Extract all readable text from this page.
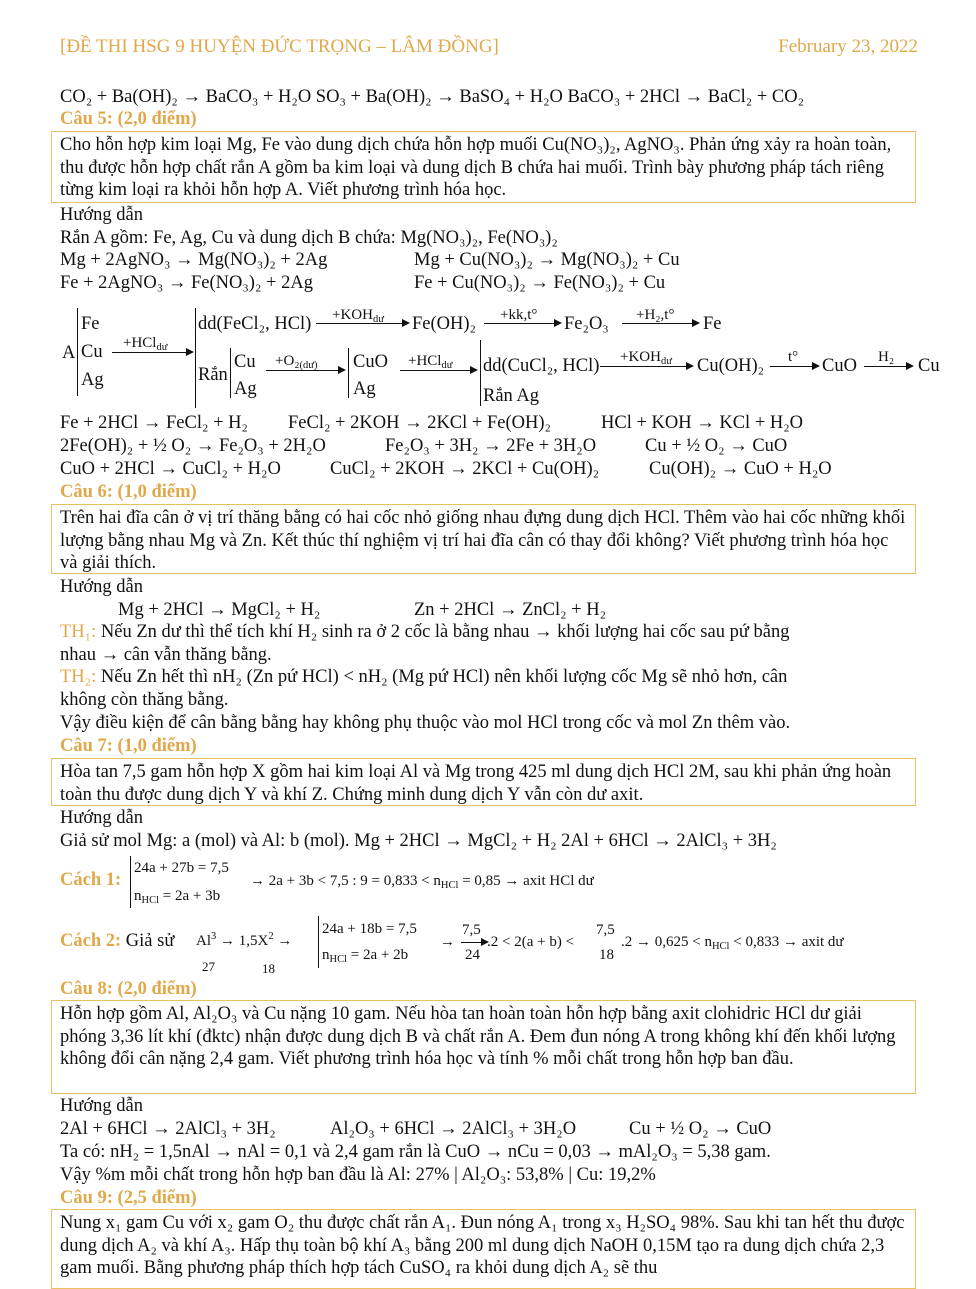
[ĐỀ THI HSG 9 HUYỆN ĐỨC TRỌNG – LÂM ĐỒNG]	February 23, 2022
CO₂ + Ba(OH)₂ → BaCO₃ + H₂O SO₃ + Ba(OH)₂ → BaSO₄ + H₂O BaCO₃ + 2HCl → BaCl₂ + CO₂
Câu 5: (2,0 điểm)
Cho hỗn hợp kim loại Mg, Fe vào dung dịch chứa hỗn hợp muối Cu(NO₃)₂, AgNO₃. Phản ứng xảy ra hoàn toàn, thu được hỗn hợp chất rắn A gồm ba kim loại và dung dịch B chứa hai muối. Trình bày phương pháp tách riêng từng kim loại ra khỏi hỗn hợp A. Viết phương trình hóa học.
Hướng dẫn
Rắn A gồm: Fe, Ag, Cu và dung dịch B chứa: Mg(NO₃)₂, Fe(NO₃)₂
Mg + 2AgNO₃ → Mg(NO₃)₂ + 2Ag	Mg + Cu(NO₃)₂ → Mg(NO₃)₂ + Cu
Fe + 2AgNO₃ → Fe(NO₃)₂ + 2Ag	Fe + Cu(NO₃)₂ → Fe(NO₃)₂ + Cu
A
Fe
Cu
Ag
+HCl$_{dư}$
dd(FeCl₂, $HCl) +KOH_{dư}$ Fe(OH)₂ +kk,t° Fe₂O₃ +H₂,t° Fe
Rắn
Cu
Ag
$+O_2_{(dư)}$ CuO
Ag
+HCl$_{dư}$ dd(CuCl₂, $HCl) +KOH_{dư}$ Cu(OH)₂ t° CuO H₂ Cu
Rắn Ag
Fe + 2HCl → FeCl₂ + H₂ FeCl₂ + 2KOH → 2KCl + Fe(OH)₂	HCl + KOH → KCl + H₂O
2Fe(OH)₂ + ½ O₂ → Fe₂O₃ + 2H₂O	Fe₂O₃ + 3H₂ → 2Fe + 3H₂O	Cu + ½ O₂ → CuO
CuO + 2HCl → CuCl₂ + H₂O	CuCl₂ + 2KOH → 2KCl + Cu(OH)₂	Cu(OH)₂ → CuO + H₂O
Câu 6: (1,0 điểm)
Trên hai đĩa cân ở vị trí thăng bằng có hai cốc nhỏ giống nhau đựng dung dịch HCl. Thêm vào hai cốc những khối lượng bằng nhau Mg và Zn. Kết thúc thí nghiệm vị trí hai đĩa cân có thay đổi không? Viết phương trình hóa học và giải thích.
Hướng dẫn
Mg + 2HCl → MgCl₂ + H₂	Zn + 2HCl → ZnCl₂ + H₂
TH₁: Nếu Zn dư thì thể tích khí H₂ sinh ra ở 2 cốc là bằng nhau → khối lượng hai cốc sau pứ bằng
nhau → cân vẫn thăng bằng.
TH₂: Nếu Zn hết thì nH₂ (Zn pứ HCl) < nH₂ (Mg pứ HCl) nên khối lượng cốc Mg sẽ nhỏ hơn, cân
không còn thăng bằng.
Vậy điều kiện để cân bằng bằng hay không phụ thuộc vào mol HCl trong cốc và mol Zn thêm vào.
Câu 7: (1,0 điểm)
Hòa tan 7,5 gam hỗn hợp X gồm hai kim loại Al và Mg trong 425 ml dung dịch HCl 2M, sau khi phản ứng hoàn toàn thu được dung dịch Y và khí Z. Chứng minh dung dịch Y vẫn còn dư axit.
Hướng dẫn
Giả sử mol Mg: a (mol) và Al: b (mol). Mg + 2HCl → MgCl₂ + H₂ 2Al + 6HCl → 2AlCl₃ + 3H₂
Cách 1:
24a + 27b = 7,5
$n_{HCl} = 2a + 3b$
→ 2a + 3b < 7,5 : $9 = 0,833 < n_{HCl} = 0,85$ → axit HCl dư
Cách 2: Giả sử $Al^3 \to 1,5X^2$ →
27	18
24a + 18b = 7,5
$n_{HCl} = 2a + 2b$
→
7,5
24
.2 < 2(a + b) <
7,5
18
$.2 \to 0,625 < n_{HCl} < 0,833$ → axit dư
Câu 8: (2,0 điểm)
Hỗn hợp gồm Al, Al₂O₃ và Cu nặng 10 gam. Nếu hòa tan hoàn toàn hỗn hợp bằng axit clohidric HCl dư giải phóng 3,36 lít khí (đktc) nhận được dung dịch B và chất rắn A. Đem đun nóng A trong không khí đến khối lượng không đổi cân nặng 2,4 gam. Viết phương trình hóa học và tính % mỗi chất trong hỗn hợp ban đầu.
Hướng dẫn
2Al + 6HCl → 2AlCl₃ + 3H₂	Al₂O₃ + 6HCl → 2AlCl₃ + 3H₂O	Cu + ½ O₂ → CuO
Ta có: nH₂ = 1,5nAl → nAl = 0,1 và 2,4 gam rắn là CuO → nCu = 0,03 → mAl₂O₃ = 5,38 gam.
Vậy %m mỗi chất trong hỗn hợp ban đầu là Al: 27% | Al₂O₃: 53,8% | Cu: 19,2%
Câu 9: (2,5 điểm)
Nung x₁ gam Cu với x₂ gam O₂ thu được chất rắn A₁. Đun nóng A₁ trong x₃ H₂SO₄ 98%. Sau khi tan hết thu được dung dịch A₂ và khí A₃. Hấp thụ toàn bộ khí A₃ bằng 200 ml dung dịch NaOH 0,15M tạo ra dung dịch chứa 2,3 gam muối. Bằng phương pháp thích hợp tách CuSO₄ ra khỏi dung dịch A₂ sẽ thu
